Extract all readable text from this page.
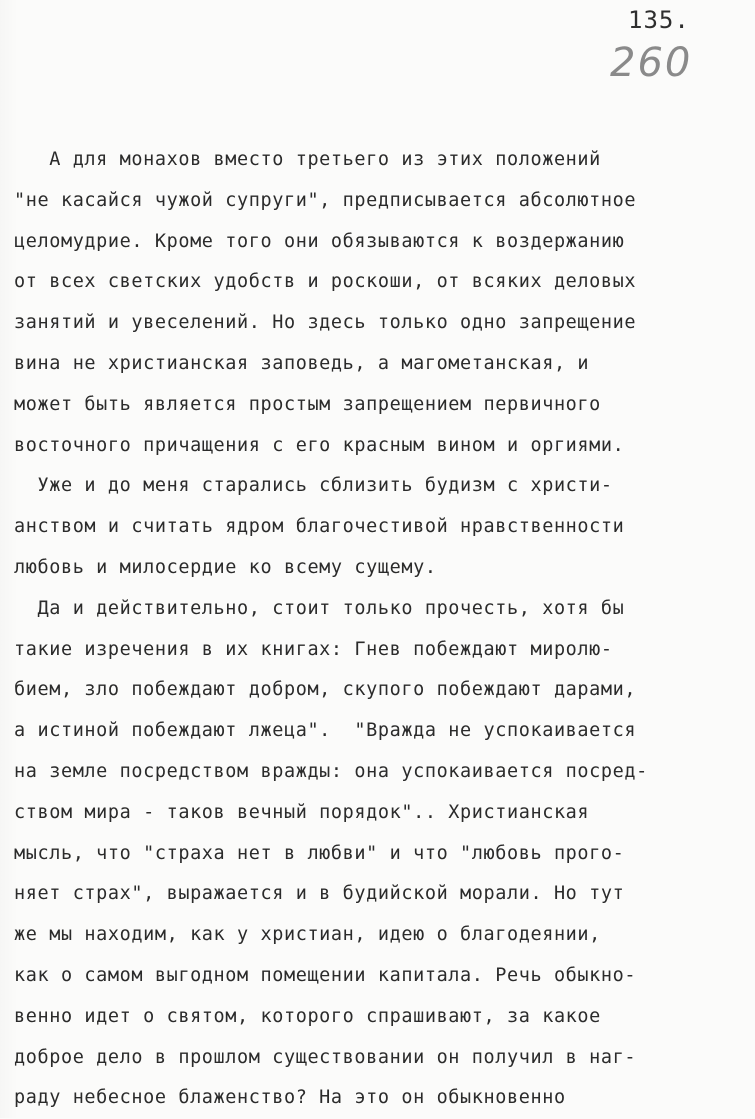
135.

260

А для монахов вместо третьего из этих положений
"не касайся чужой супруги", предписывается абсолютное
целомудрие. Кроме того они обязываются к воздержанию
от всех светских удобств и роскоши, от всяких деловых
занятий и увеселений. Но здесь только одно запрещение
вина не христианская заповедь, а магометанская, и
может быть является простым запрещением первичного
восточного причащения с его красным вином и оргиями.
Уже и до меня старались сблизить будизм с христи-
анством и считать ядром благочестивой нравственности
любовь и милосердие ко всему сущему.
Да и действительно, стоит только прочесть, хотя бы
такие изречения в их книгах: Гнев побеждают миролю-
бием, зло побеждают добром, скупого побеждают дарами,
а истиной побеждают лжеца".  "Вражда не успокаивается
на земле посредством вражды: она успокаивается посред-
ством мира - таков вечный порядок".. Христианская
мысль, что "страха нет в любви" и что "любовь прого-
няет страх", выражается и в будийской морали. Но тут
же мы находим, как у христиан, идею о благодеянии,
как о самом выгодном помещении капитала. Речь обыкно-
венно идет о святом, которого спрашивают, за какое
доброе дело в прошлом существовании он получил в наг-
раду небесное блаженство? На это он обыкновенно
